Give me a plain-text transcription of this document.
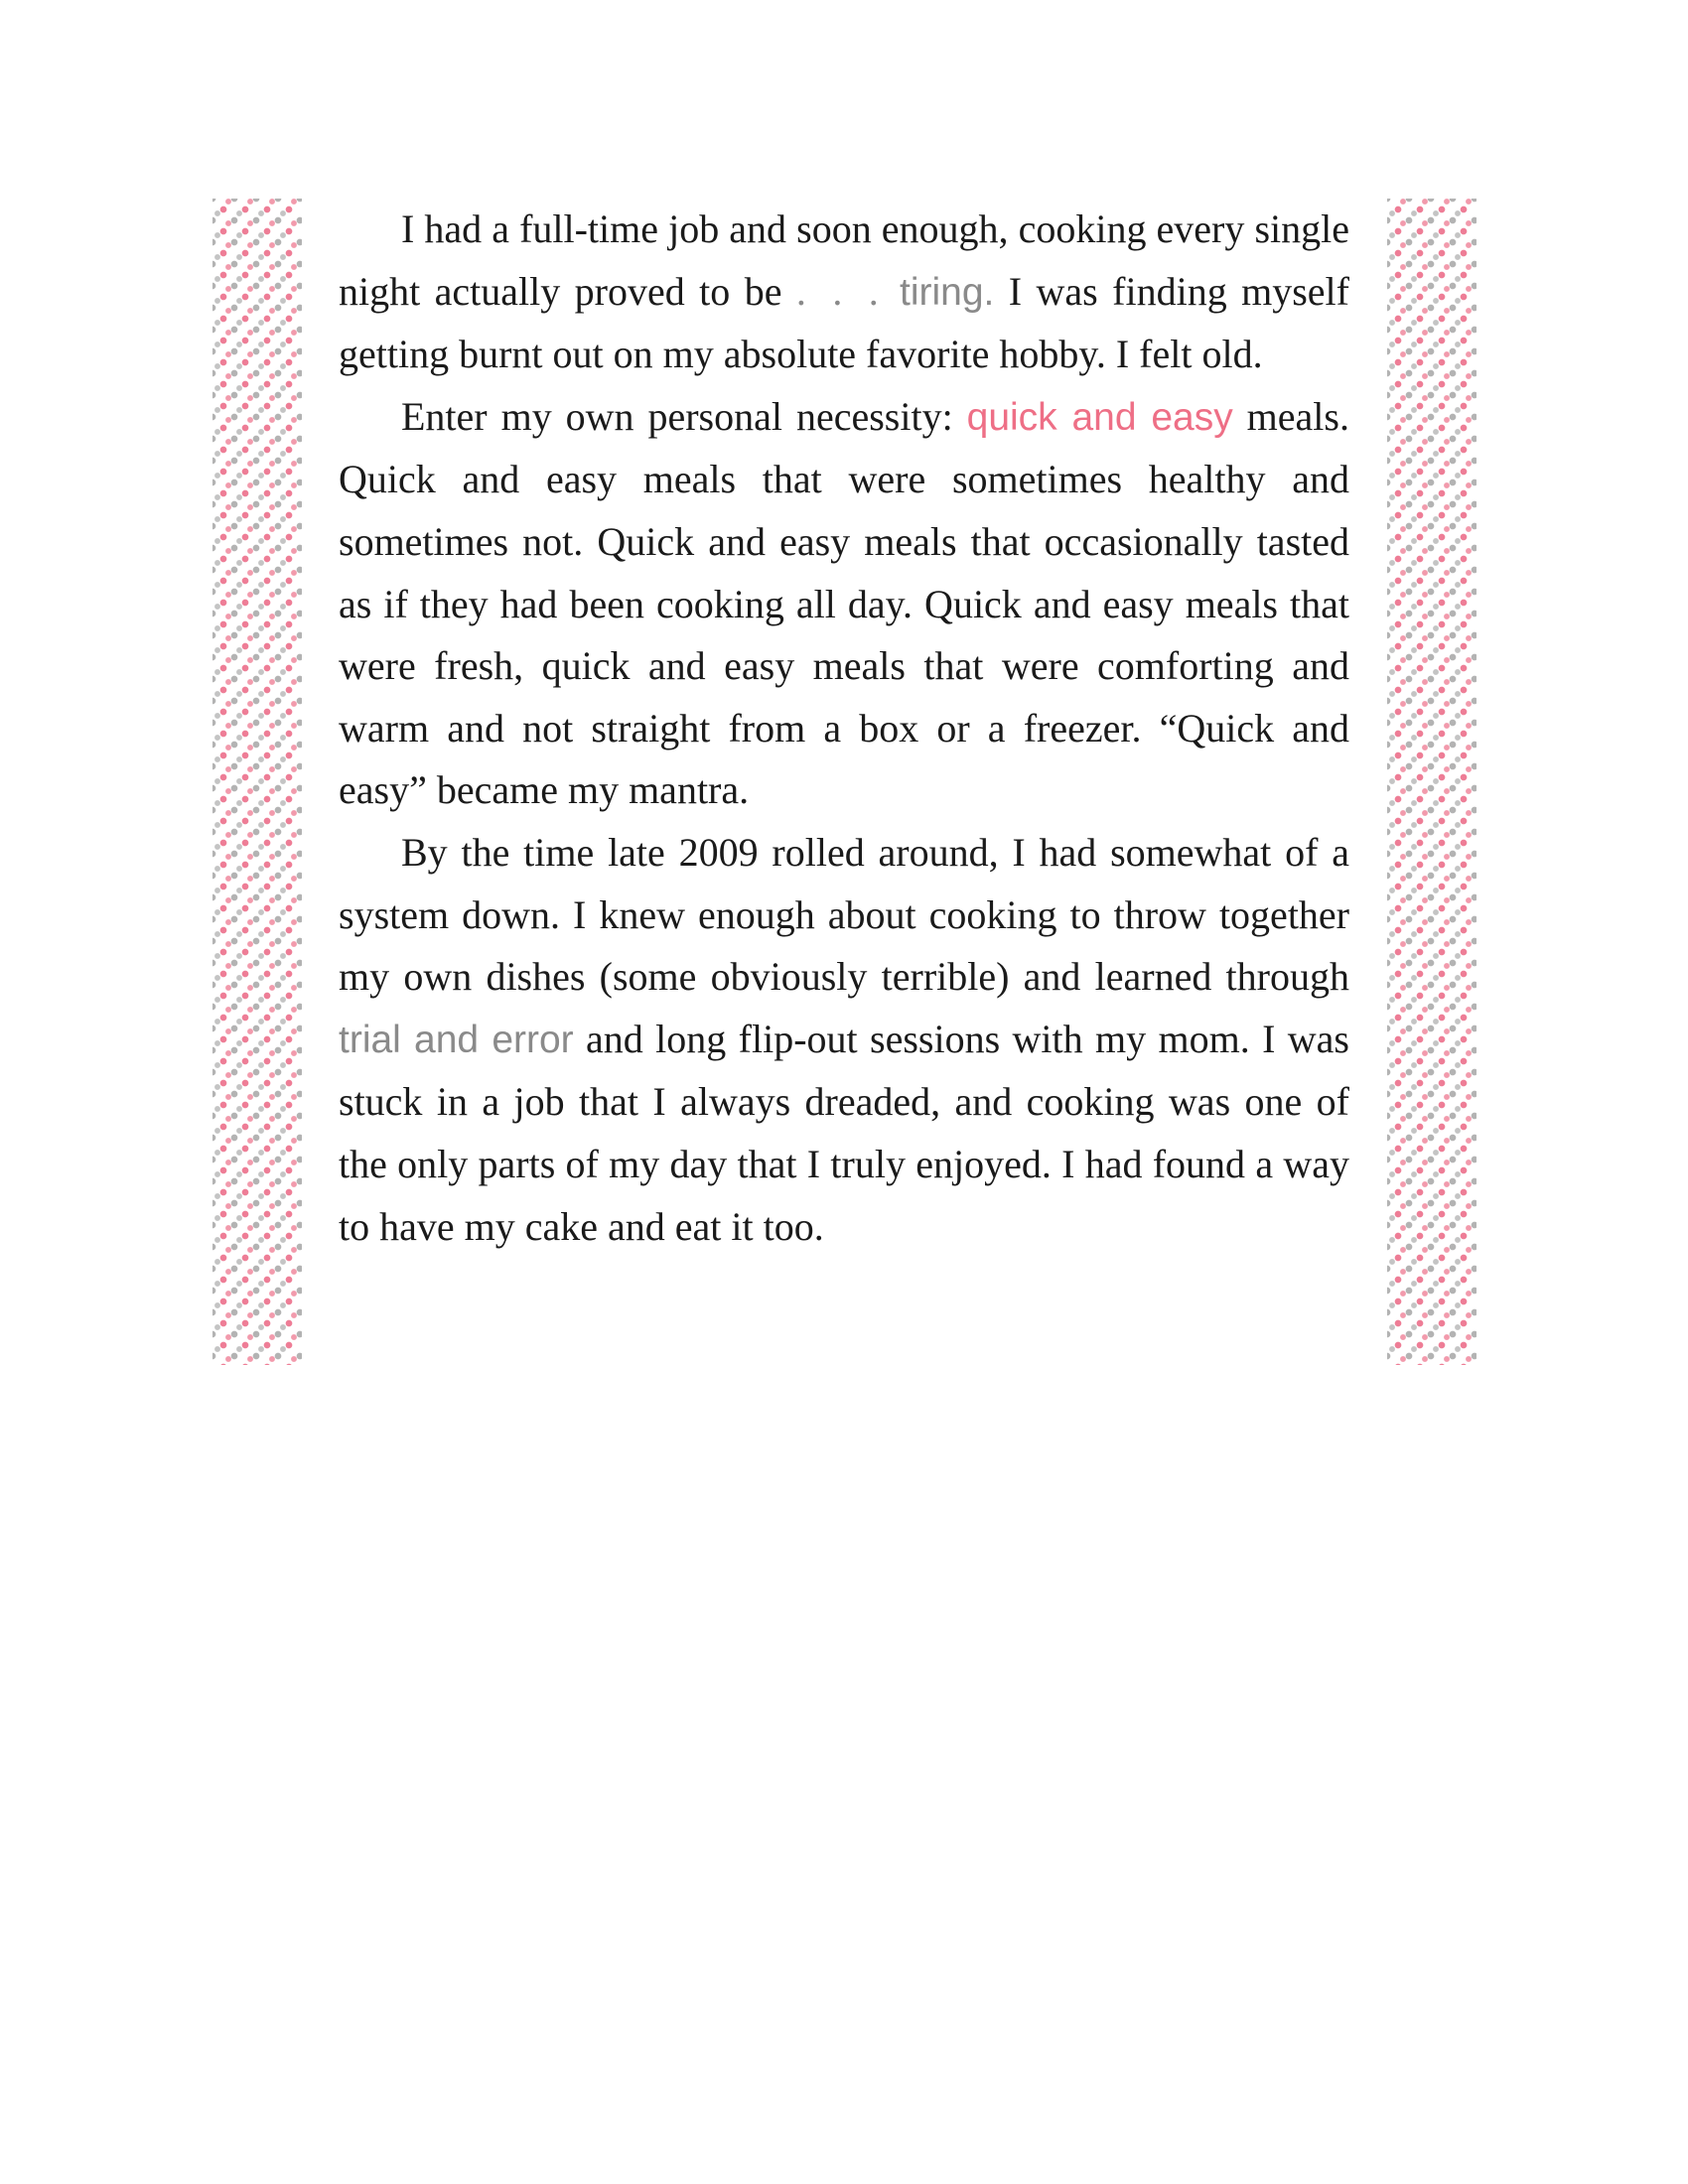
I had a full-time job and soon enough, cooking every single night actually proved to be . . . tiring. I was finding myself getting burnt out on my absolute favorite hobby. I felt old.

Enter my own personal necessity: quick and easy meals. Quick and easy meals that were sometimes healthy and sometimes not. Quick and easy meals that occasionally tasted as if they had been cooking all day. Quick and easy meals that were fresh, quick and easy meals that were comforting and warm and not straight from a box or a freezer. “Quick and easy” became my mantra.

By the time late 2009 rolled around, I had somewhat of a system down. I knew enough about cooking to throw together my own dishes (some obviously terrible) and learned through trial and error and long flip-out sessions with my mom. I was stuck in a job that I always dreaded, and cooking was one of the only parts of my day that I truly enjoyed. I had found a way to have my cake and eat it too.
